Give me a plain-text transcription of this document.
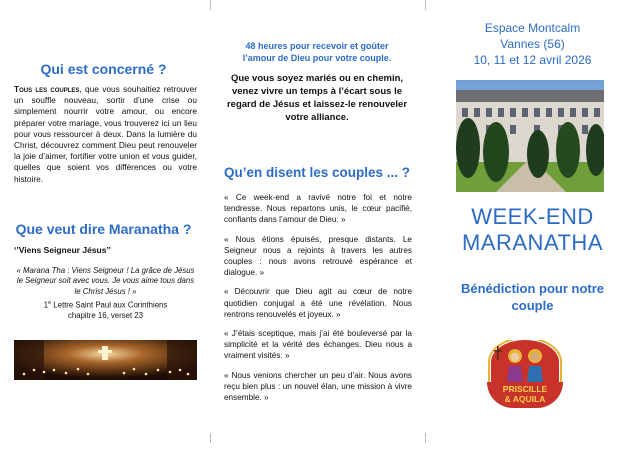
Qui est concerné ?

Tous les couples, que vous souhaitiez retrouver un souffle nouveau, sortir d’une crise ou simplement nourrir votre amour, ou encore préparer votre mariage, vous trouverez ici un lieu pour vous ressourcer à deux. Dans la lumière du Christ, découvrez comment Dieu peut renouveler la joie d’aimer, fortifier votre union et vous guider, quelles que soient vos différences ou votre histoire.

Que veut dire Maranatha ?
‘’Viens Seigneur Jésus’’
« Marana Tha : Viens Seigneur ! La grâce de Jésus le Seigneur soit avec vous. Je vous aime tous dans le Christ Jésus ! »
1e Lettre Saint Paul aux Corinthiens
chapitre 16, verset 23
48 heures pour recevoir et goûter l’amour de Dieu pour votre couple.
Que vous soyez mariés ou en chemin, venez vivre un temps à l’écart sous le regard de Jésus et laissez-le renouveler votre alliance.
Qu’en disent les couples ... ?

« Ce week-end a ravivé notre foi et notre tendresse. Nous repartons unis, le cœur pacifié, confiants dans l’amour de Dieu. »

« Nous étions épuisés, presque distants. Le Seigneur nous a rejoints à travers les autres couples : nous avons retrouvé espérance et dialogue. »

« Découvrir que Dieu agit au cœur de notre quotidien conjugal a été une révélation. Nous rentrons renouvelés et joyeux. »

« J’étais sceptique, mais j’ai été bouleversé par la simplicité et la vérité des échanges. Dieu nous a vraiment visités. »

« Nous venions chercher un peu d’air. Nous avons reçu bien plus : un nouvel élan, une mission à vivre ensemble. »

Espace Montcalm
Vannes (56)
10, 11 et 12 avril 2026
WEEK-END
MARANATHA
Bénédiction pour notre couple
PRISCILLE
& AQUILA
